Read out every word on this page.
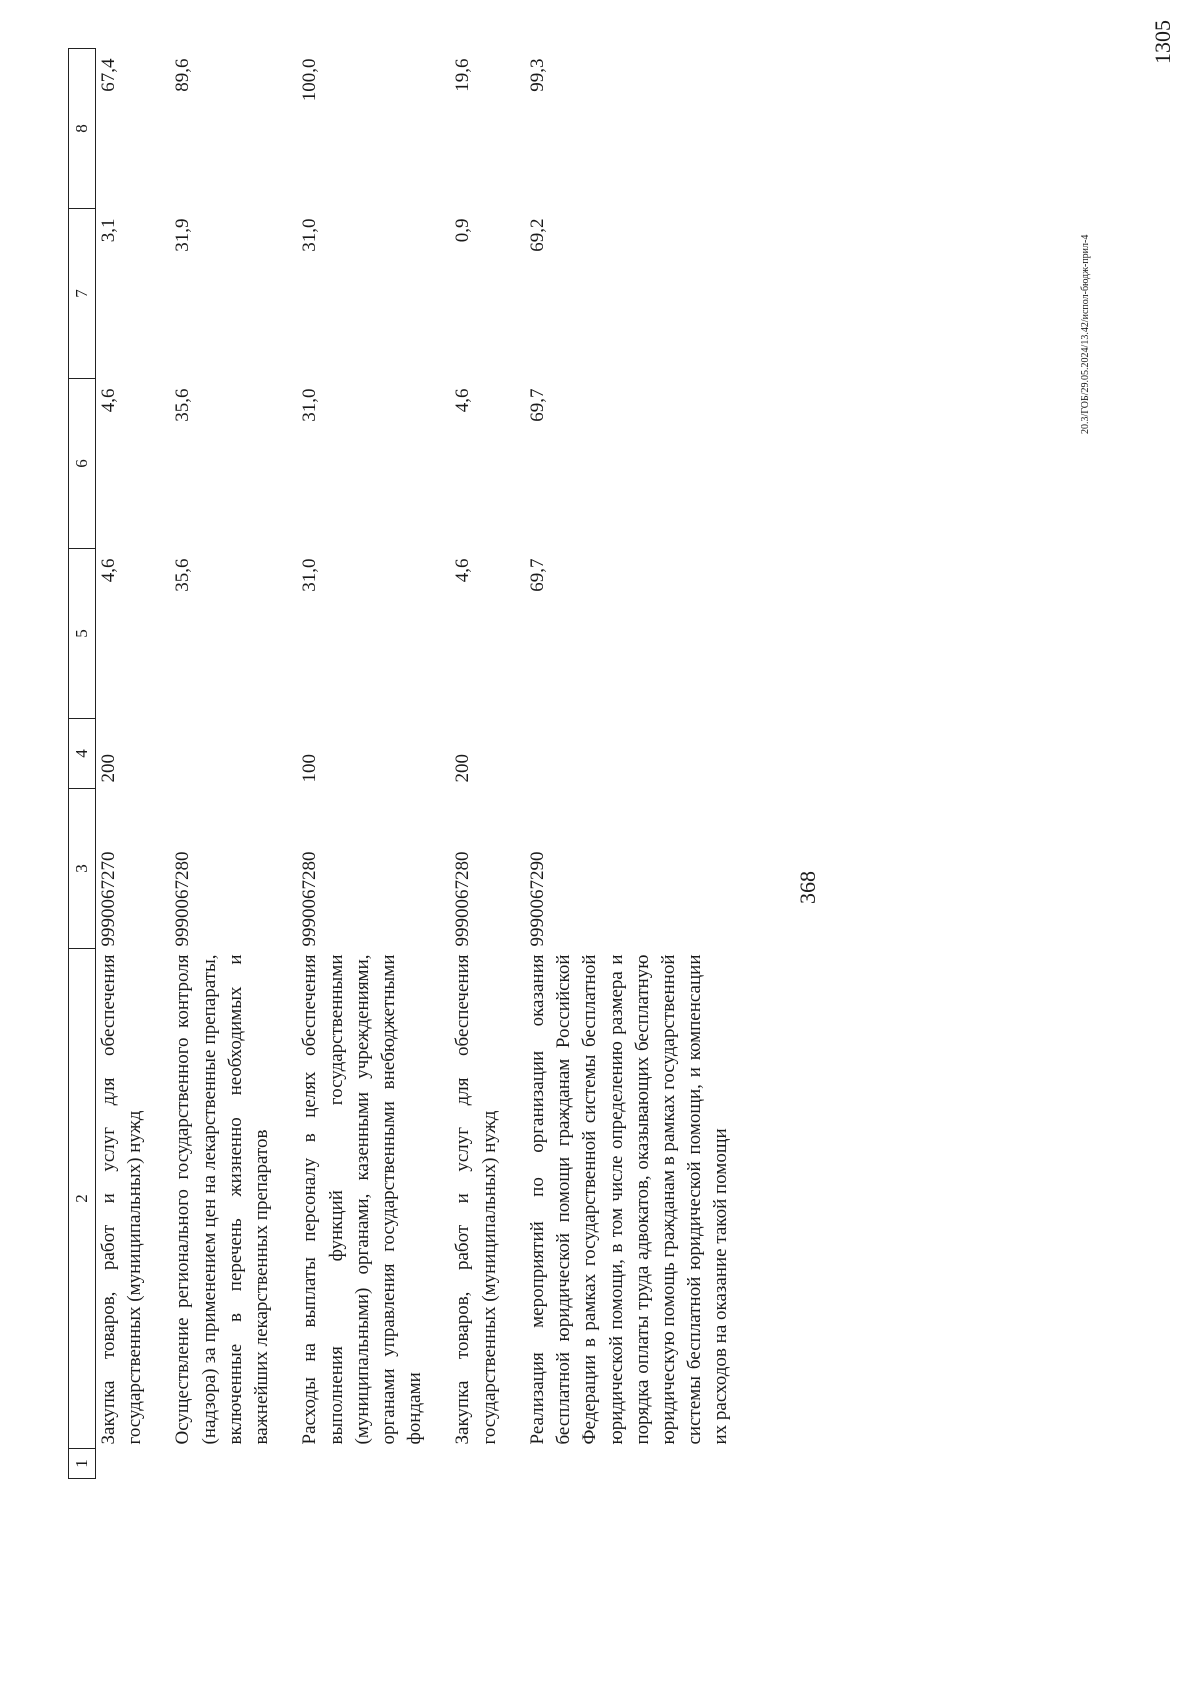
368
1	2	3	4	5	6	7	8
	Закупка товаров, работ и услуг для обеспечения государственных (муниципальных) нужд	9990067270	200	4,6	4,6	3,1	67,4
	Осуществление регионального государственного контроля (надзора) за применением цен на лекарственные препараты, включенные в перечень жизненно необходимых и важнейших лекарственных препаратов	9990067280		35,6	35,6	31,9	89,6
	Расходы на выплаты персоналу в целях обеспечения выполнения функций государственными (муниципальными) органами, казенными учреждениями, органами управления государственными внебюджетными фондами	9990067280	100	31,0	31,0	31,0	100,0
	Закупка товаров, работ и услуг для обеспечения государственных (муниципальных) нужд	9990067280	200	4,6	4,6	0,9	19,6
	Реализация мероприятий по организации оказания бесплатной юридической помощи гражданам Российской Федерации в рамках государственной системы бесплатной юридической помощи, в том числе определению размера и порядка оплаты труда адвокатов, оказывающих бесплатную юридическую помощь гражданам в рамках государственной системы бесплатной юридической помощи, и компенсации их расходов на оказание такой помощи	9990067290		69,7	69,7	69,2	99,3
20.3/ГОБ/29.05.2024/13.42/испол-бюдж-прил-4
1305
